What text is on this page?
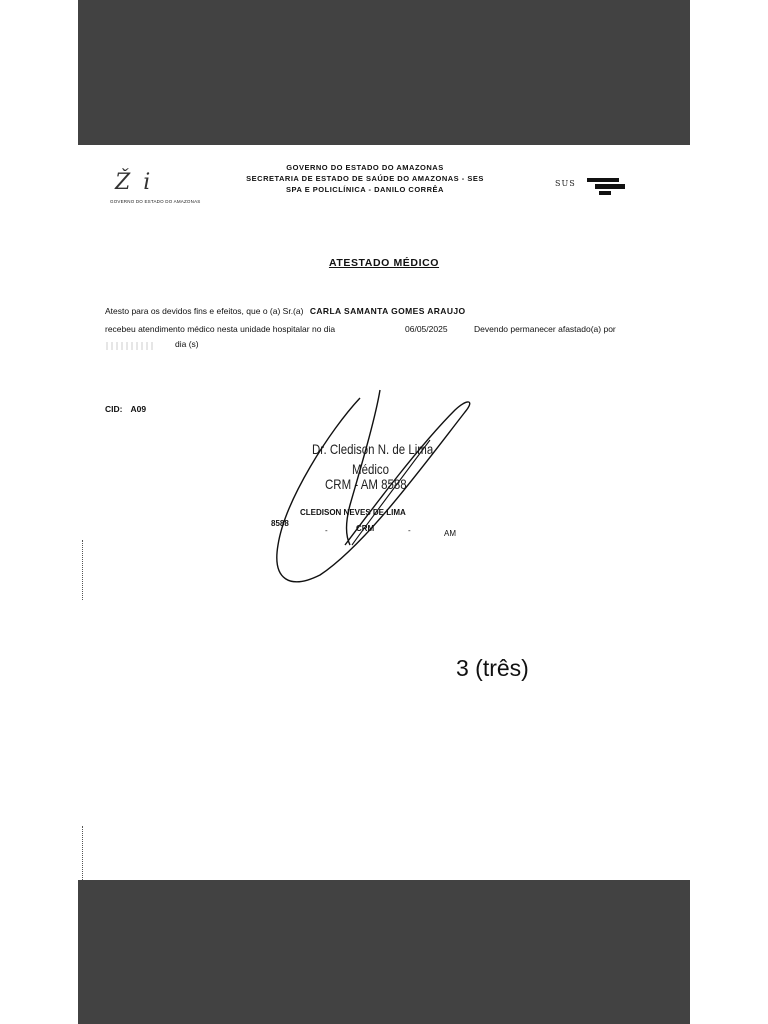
Ž i
GOVERNO DO ESTADO DO AMAZONAS
GOVERNO DO ESTADO DO AMAZONAS
SECRETARIA DE ESTADO DE SAÚDE DO AMAZONAS - SES
SPA E POLICLÍNICA - DANILO CORRÊA
SUS
ATESTADO MÉDICO
Atesto para os devidos fins e efeitos, que o (a) Sr.(a) CARLA SAMANTA GOMES ARAUJO
recebeu atendimento médico nesta unidade hospitalar no dia	06/05/2025	Devendo permanecer afastado(a) por
dia (s)
CID: A09
Dr. Cledison N. de Lima
Médico
CRM - AM 8588
CLEDISON NEVES DE LIMA
8588
-	CRM	-	AM
3 (três)
